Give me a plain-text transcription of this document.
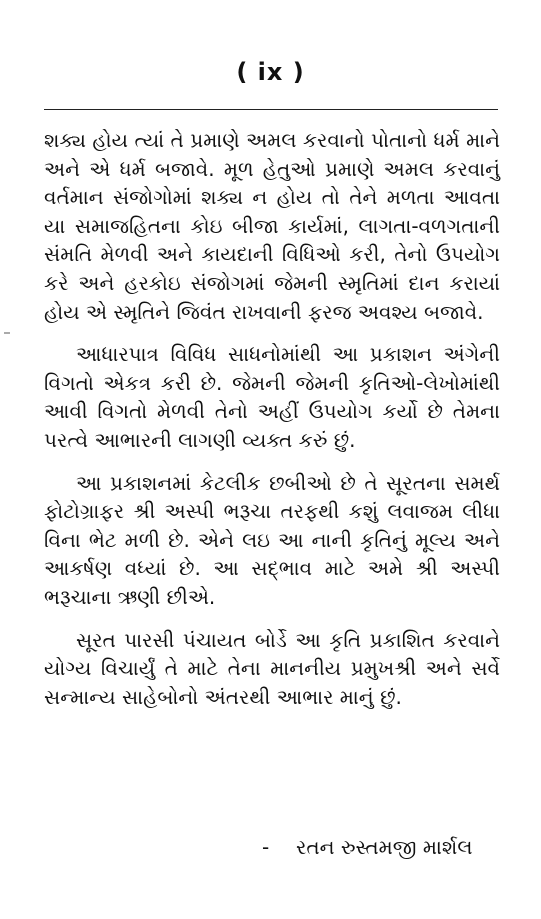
( ix )

શક્ય હોય ત્યાં તે પ્રમાણે અમલ કરવાનો પોતાનો ધર્મ માને અને એ ધર્મ બજાવે. મૂળ હેતુઓ પ્રમાણે અમલ કરવાનું વર્તમાન સંજોગોમાં શક્ય ન હોય તો તેને મળતા આવતા યા સમાજહિતના કોઇ બીજા કાર્યમાં, લાગતા-વળગતાની સંમતિ મેળવી અને કાયદાની વિધિઓ કરી, તેનો ઉપયોગ કરે અને હરકોઇ સંજોગમાં જેમની સ્મૃતિમાં દાન કરાયાં હોય એ સ્મૃતિને જિવંત રાખવાની ફરજ અવશ્ય બજાવે.

આધારપાત્ર વિવિધ સાધનોમાંથી આ પ્રકાશન અંગેની વિગતો એકત્ર કરી છે. જેમની જેમની કૃતિઓ-લેખોમાંથી આવી વિગતો મેળવી તેનો અહીં ઉપયોગ કર્યો છે તેમના પરત્વે આભારની લાગણી વ્યક્ત કરું છું.

આ પ્રકાશનમાં કેટલીક છબીઓ છે તે સૂરતના સમર્થ ફોટોગ્રાફર શ્રી અસ્પી ભરૂચા તરફથી કશું લવાજમ લીધા વિના ભેટ મળી છે. એને લઇ આ નાની કૃતિનું મૂલ્ય અને આકર્ષણ વધ્યાં છે. આ સદ્‌ભાવ માટે અમે શ્રી અસ્પી ભરૂચાના ઋણી છીએ.

સૂરત પારસી પંચાયત બોર્ડે આ કૃતિ પ્રકાશિત કરવાને યોગ્ય વિચાર્યું તે માટે તેના માનનીય પ્રમુખશ્રી અને સર્વે સન્માન્ય સાહેબોનો અંતરથી આભાર માનું છું.

- રતન રુસ્તમજી માર્શલ
